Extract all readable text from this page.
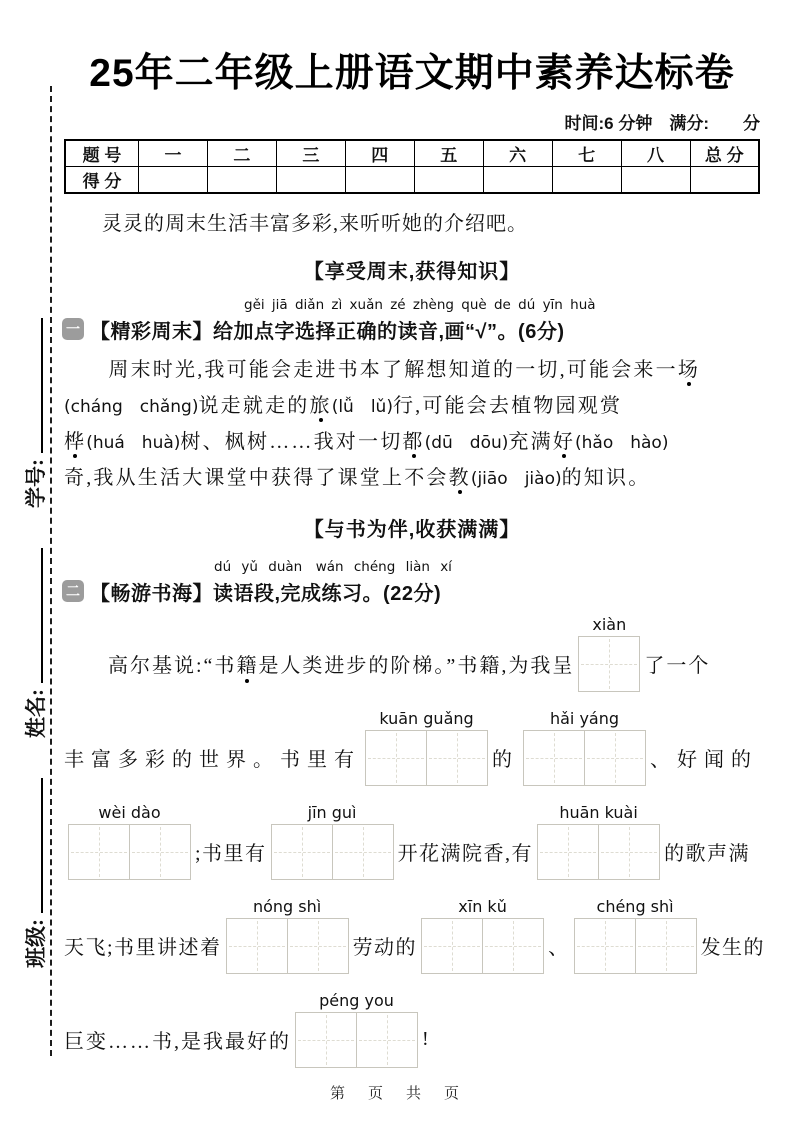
班级:
姓名:
学号:
25年二年级上册语文期中素养达标卷
时间:6 分钟　满分:　　分
题 号	一	二	三	四	五	六	七	八	总 分
得 分									

灵灵的周末生活丰富多彩,来听听她的介绍吧。

【享受周末,获得知识】
gěi jiā diǎn zì xuǎn zé zhèng què de dú yīn huà
一 【精彩周末】给加点字选择正确的读音,画“√”。(6分)
　　周末时光,我可能会走进书本了解想知道的一切,可能会来一场
(cháng　chǎng)说走就走的旅(lǚ　lǔ)行,可能会去植物园观赏
桦(huá　huà)树、枫树……我对一切都(dū　dōu)充满好(hǎo　hào)
奇,我从生活大课堂中获得了课堂上不会教(jiāo　jiào)的知识。
【与书为伴,收获满满】
dú yǔ duàn　wán chéng liàn xí
二 【畅游书海】读语段,完成练习。(22分)
　　高尔基说:“书 籍 是人类进步的阶梯。”书籍,为我呈
xiàn
了一个
丰富多彩的世界。书里有
kuān guǎng
的
hǎi yáng
、好闻的
wèi dào
;书里有
jīn guì
开花满院香,有
huān kuài
的歌声满
天飞;书里讲述着
nóng shì
劳动的
xīn kǔ
、
chéng shì
发生的
巨变……书,是我最好的
péng you
!
第　页　共　页
